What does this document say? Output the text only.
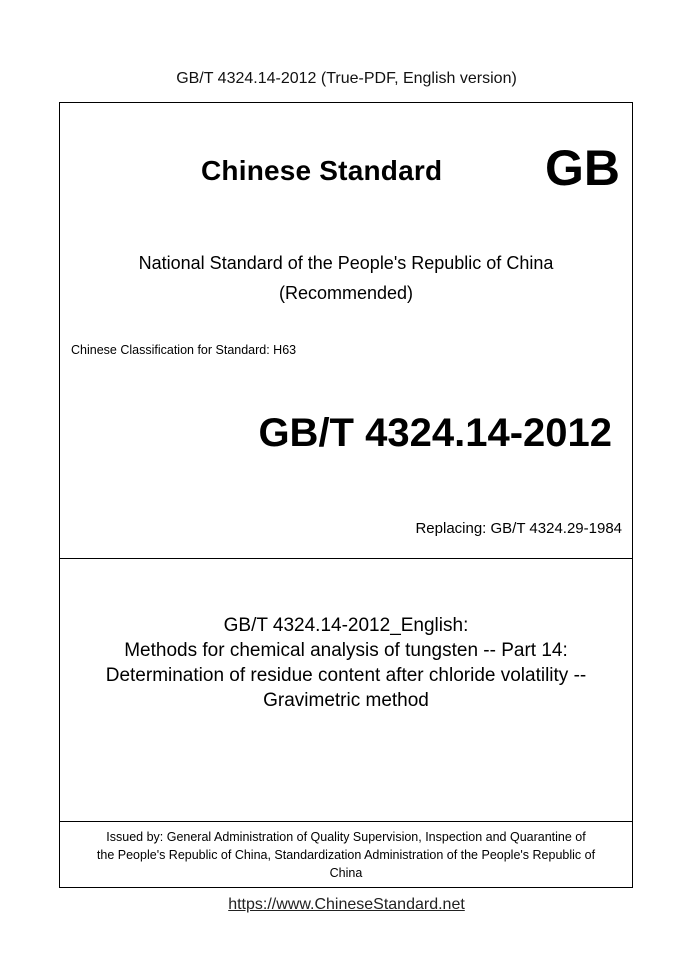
GB/T 4324.14-2012 (True-PDF, English version)
Chinese Standard GB
National Standard of the People's Republic of China
(Recommended)
Chinese Classification for Standard: H63
GB/T 4324.14-2012
Replacing: GB/T 4324.29-1984
GB/T 4324.14-2012_English:
Methods for chemical analysis of tungsten -- Part 14:
Determination of residue content after chloride volatility --
Gravimetric method
Issued by: General Administration of Quality Supervision, Inspection and Quarantine of
the People's Republic of China, Standardization Administration of the People's Republic of
China
https://www.ChineseStandard.net
